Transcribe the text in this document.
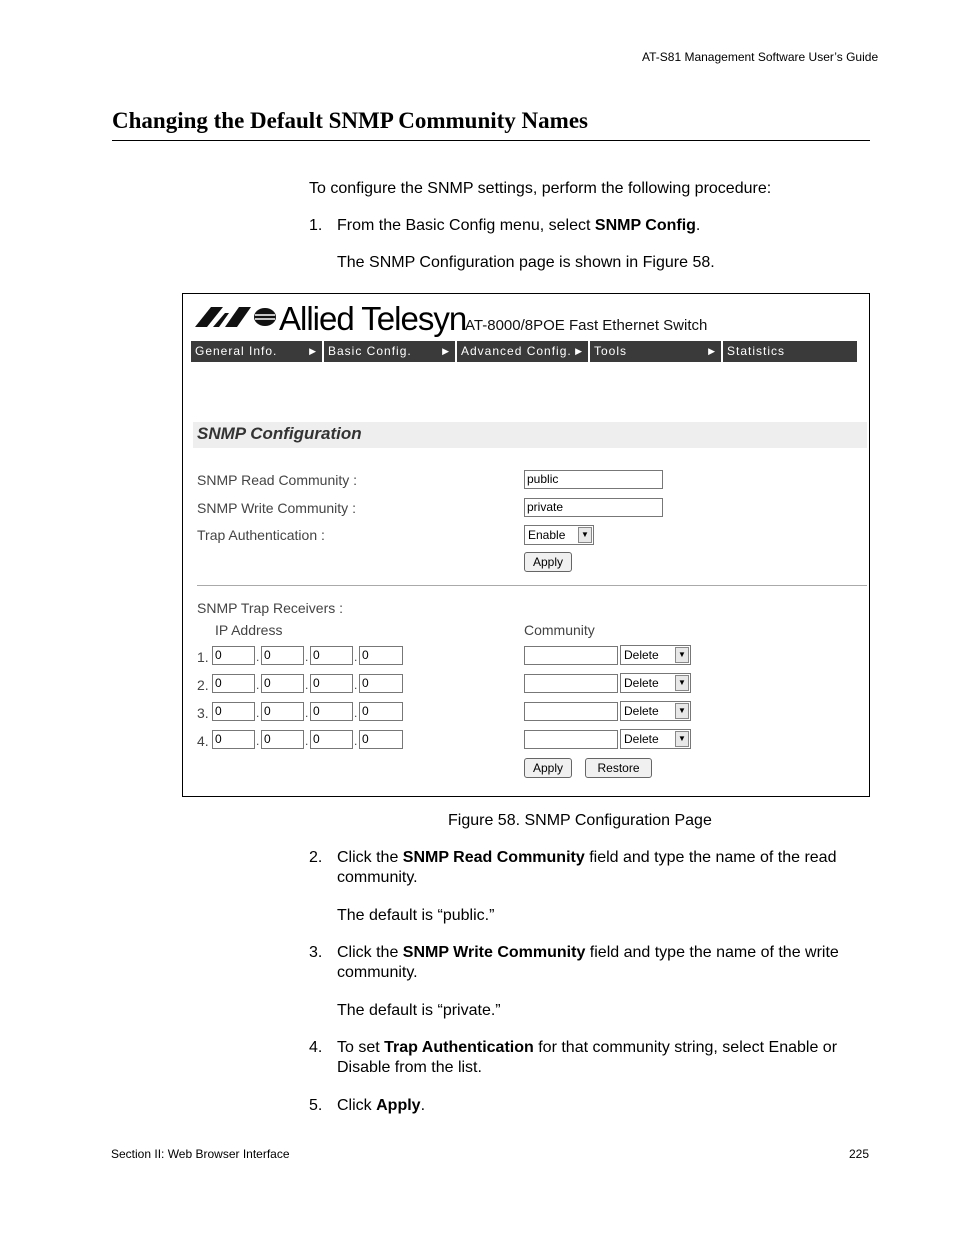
AT-S81 Management Software User’s Guide
Changing the Default SNMP Community Names
To configure the SNMP settings, perform the following procedure:
1. From the Basic Config menu, select SNMP Config.
The SNMP Configuration page is shown in Figure 58.
Allied Telesyn
AT-8000/8POE Fast Ethernet Switch
General Info.	▶ Basic Config.	▶ Advanced Config. ▶ Tools	▶ Statistics
SNMP Configuration
SNMP Read Community :	public
SNMP Write Community :	private
Trap Authentication :	Enable	▼
Apply
SNMP Trap Receivers :
IP Address	Community
1. 0	. 0	. 0	. 0	Delete	▼
2. 0	. 0	. 0	. 0	Delete	▼
3. 0	. 0	. 0	. 0	Delete	▼
4. 0	. 0	. 0	. 0	Delete	▼
Apply	Restore
Figure 58. SNMP Configuration Page
2. Click the SNMP Read Community field and type the name of the read community.
The default is “public.”
3. Click the SNMP Write Community field and type the name of the write community.
The default is “private.”
4. To set Trap Authentication for that community string, select Enable or Disable from the list.
5. Click Apply.
Section II: Web Browser Interface	225
